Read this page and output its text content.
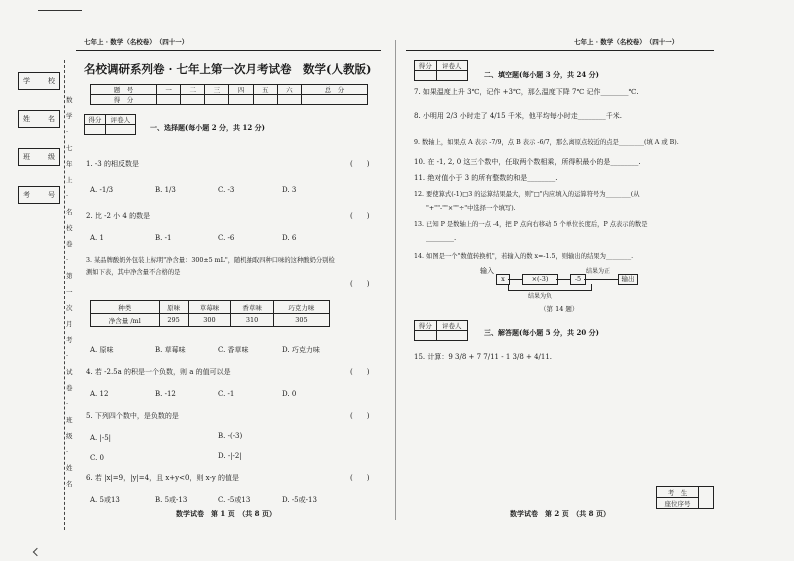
七年上 · 数学（名校卷）　（四十一）
名校调研系列卷 · 七年上第一次月考试卷　数学(人教版)
题　号	一	二	三	四	五	六	总　分
得　分							
学	校
姓	名
班	级
考	号
数
学
·
七
年
上
·
名
校
卷
·
第
一
次
月
考
·
试
卷
·
班
级
·
姓
名
得分	评卷人

一、选择题(每小题 2 分，共 12 分)
1. -3 的相反数是	(　　)
A. -1/3	B. 1/3	C. -3	D. 3
2. 比 -2 小 4 的数是	(　　)
A. 1	B. -1	C. -6	D. 6
3. 某品牌酸奶外包装上标明"净含量：300±5 mL"，随机抽取四种口味的这种酸奶分别检
(　　)
测如下表，其中净含量不合格的是
种类	原味	草莓味	香草味	巧克力味
净含量 /ml	295	300	310	305
A. 原味	B. 草莓味	C. 香草味	D. 巧克力味
4. 若 -2.5a 的积是一个负数，则 a 的值可以是	(　　)
A. 12	B. -12	C. -1	D. 0
5. 下列四个数中，是负数的是	(　　)
A. |-5|	B. -(-3)
C. 0	D. -|-2|
6. 若 |x|=9，|y|=4，且 x+y<0，则 x-y 的值是	(　　)
A. 5或13	B. 5或-13	C. -5或13	D. -5或-13
数学试卷　第 1 页　（共 8 页）
七年上 · 数学（名校卷）　（四十一）
得分	评卷人

二、填空题(每小题 3 分，共 24 分)
7. 如果温度上升 3℃，记作 +3℃，那么温度下降 7℃ 记作________℃.
8. 小明用 2/3 小时走了 4/15 千米，他平均每小时走________千米.
9. 数轴上，如果点 A 表示 -7/9，点 B 表示 -6/7，那么离原点较近的点是________(填 A 或 B).
10. 在 -1, 2, 0 这三个数中，任取两个数相乘，所得积最小的是________.
11. 绝对值小于 3 的所有整数的和是________.
12. 要使算式(-1)□3 的运算结果最大，则"□"内应填入的运算符号为________(从
"+""-""×""÷"中选择一个填写).
13. 已知 P 是数轴上的一点 -4，把 P 点向右移动 5 个单位长度后，P 点表示的数是
________.
14. 如图是一个"数值转换机"，若输入的数 x=-1.5，则输出的结果为________.
输入
x	×(-3)	-5
结果为正
输出
结果为负
（第 14 题）
得分	评卷人

三、解答题(每小题 5 分，共 20 分)
15. 计算：9 3/8 + 7 7/11 - 1 3/8 + 4/11.
数学试卷　第 2 页　（共 8 页）
考　生	
座位序号
